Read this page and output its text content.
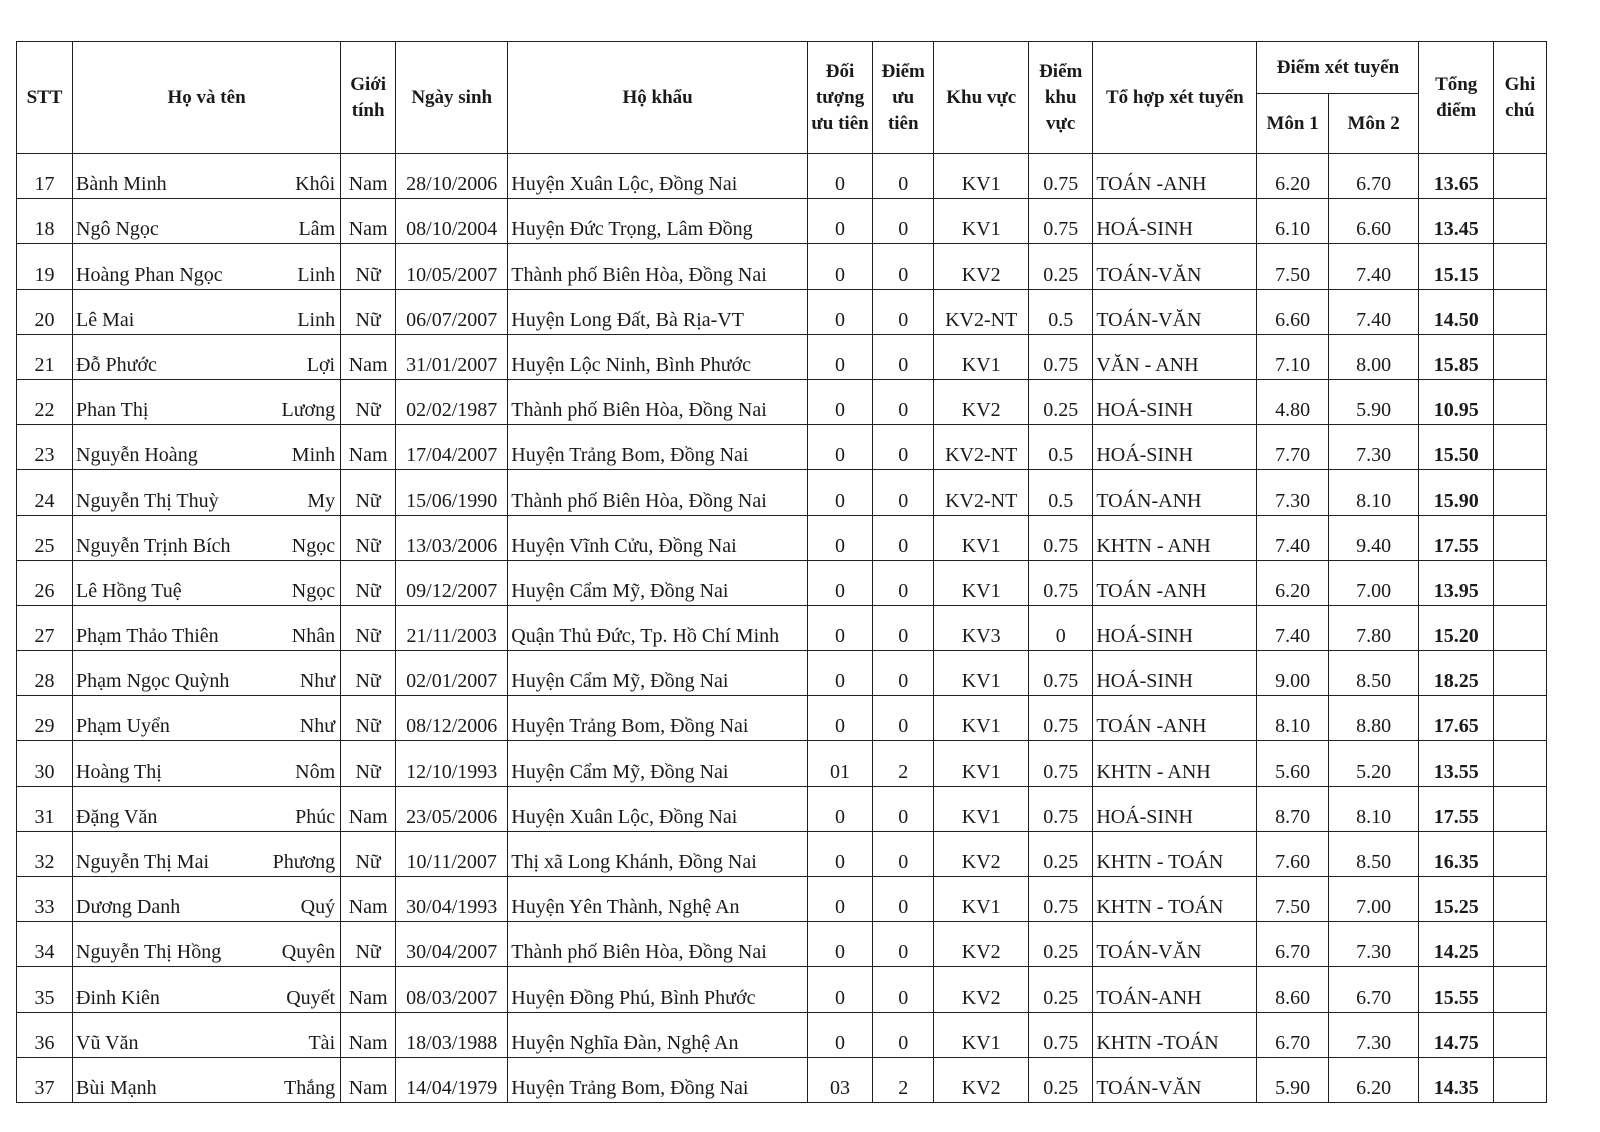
STT	Họ và tên	Giới tính	Ngày sinh	Hộ khẩu	Đối tượng ưu tiên	Điểm ưu tiên	Khu vực	Điểm khu vực	Tổ hợp xét tuyển	Điểm xét tuyển		Tổng điểm	Ghi chú
										Môn 1	Môn 2		
17	Bành Minh Khôi	Nam	28/10/2006	Huyện Xuân Lộc, Đồng Nai	0	0	KV1	0.75	TOÁN -ANH	6.20	6.70	13.65	
18	Ngô Ngọc Lâm	Nam	08/10/2004	Huyện Đức Trọng, Lâm Đồng	0	0	KV1	0.75	HOÁ-SINH	6.10	6.60	13.45	
19	Hoàng Phan Ngọc Linh	Nữ	10/05/2007	Thành phố Biên Hòa, Đồng Nai	0	0	KV2	0.25	TOÁN-VĂN	7.50	7.40	15.15	
20	Lê Mai Linh	Nữ	06/07/2007	Huyện Long Đất, Bà Rịa-VT	0	0	KV2-NT	0.5	TOÁN-VĂN	6.60	7.40	14.50	
21	Đỗ Phước Lợi	Nam	31/01/2007	Huyện Lộc Ninh, Bình Phước	0	0	KV1	0.75	VĂN - ANH	7.10	8.00	15.85	
22	Phan Thị Lương	Nữ	02/02/1987	Thành phố Biên Hòa, Đồng Nai	0	0	KV2	0.25	HOÁ-SINH	4.80	5.90	10.95	
23	Nguyễn Hoàng Minh	Nam	17/04/2007	Huyện Trảng Bom, Đồng Nai	0	0	KV2-NT	0.5	HOÁ-SINH	7.70	7.30	15.50	
24	Nguyễn Thị Thuỳ My	Nữ	15/06/1990	Thành phố Biên Hòa, Đồng Nai	0	0	KV2-NT	0.5	TOÁN-ANH	7.30	8.10	15.90	
25	Nguyễn Trịnh Bích Ngọc	Nữ	13/03/2006	Huyện Vĩnh Cửu, Đồng Nai	0	0	KV1	0.75	KHTN - ANH	7.40	9.40	17.55	
26	Lê Hồng Tuệ Ngọc	Nữ	09/12/2007	Huyện Cẩm Mỹ, Đồng Nai	0	0	KV1	0.75	TOÁN -ANH	6.20	7.00	13.95	
27	Phạm Thảo Thiên Nhân	Nữ	21/11/2003	Quận Thủ Đức, Tp. Hồ Chí Minh	0	0	KV3	0	HOÁ-SINH	7.40	7.80	15.20	
28	Phạm Ngọc Quỳnh Như	Nữ	02/01/2007	Huyện Cẩm Mỹ, Đồng Nai	0	0	KV1	0.75	HOÁ-SINH	9.00	8.50	18.25	
29	Phạm Uyển Như	Nữ	08/12/2006	Huyện Trảng Bom, Đồng Nai	0	0	KV1	0.75	TOÁN -ANH	8.10	8.80	17.65	
30	Hoàng Thị Nôm	Nữ	12/10/1993	Huyện Cẩm Mỹ, Đồng Nai	01	2	KV1	0.75	KHTN - ANH	5.60	5.20	13.55	
31	Đặng Văn Phúc	Nam	23/05/2006	Huyện Xuân Lộc, Đồng Nai	0	0	KV1	0.75	HOÁ-SINH	8.70	8.10	17.55	
32	Nguyễn Thị Mai Phương	Nữ	10/11/2007	Thị xã Long Khánh, Đồng Nai	0	0	KV2	0.25	KHTN - TOÁN	7.60	8.50	16.35	
33	Dương Danh Quý	Nam	30/04/1993	Huyện Yên Thành, Nghệ An	0	0	KV1	0.75	KHTN - TOÁN	7.50	7.00	15.25	
34	Nguyễn Thị Hồng Quyên	Nữ	30/04/2007	Thành phố Biên Hòa, Đồng Nai	0	0	KV2	0.25	TOÁN-VĂN	6.70	7.30	14.25	
35	Đinh Kiên Quyết	Nam	08/03/2007	Huyện Đồng Phú, Bình Phước	0	0	KV2	0.25	TOÁN-ANH	8.60	6.70	15.55	
36	Vũ Văn Tài	Nam	18/03/1988	Huyện Nghĩa Đàn, Nghệ An	0	0	KV1	0.75	KHTN -TOÁN	6.70	7.30	14.75	
37	Bùi Mạnh Thắng	Nam	14/04/1979	Huyện Trảng Bom, Đồng Nai	03	2	KV2	0.25	TOÁN-VĂN	5.90	6.20	14.35	
